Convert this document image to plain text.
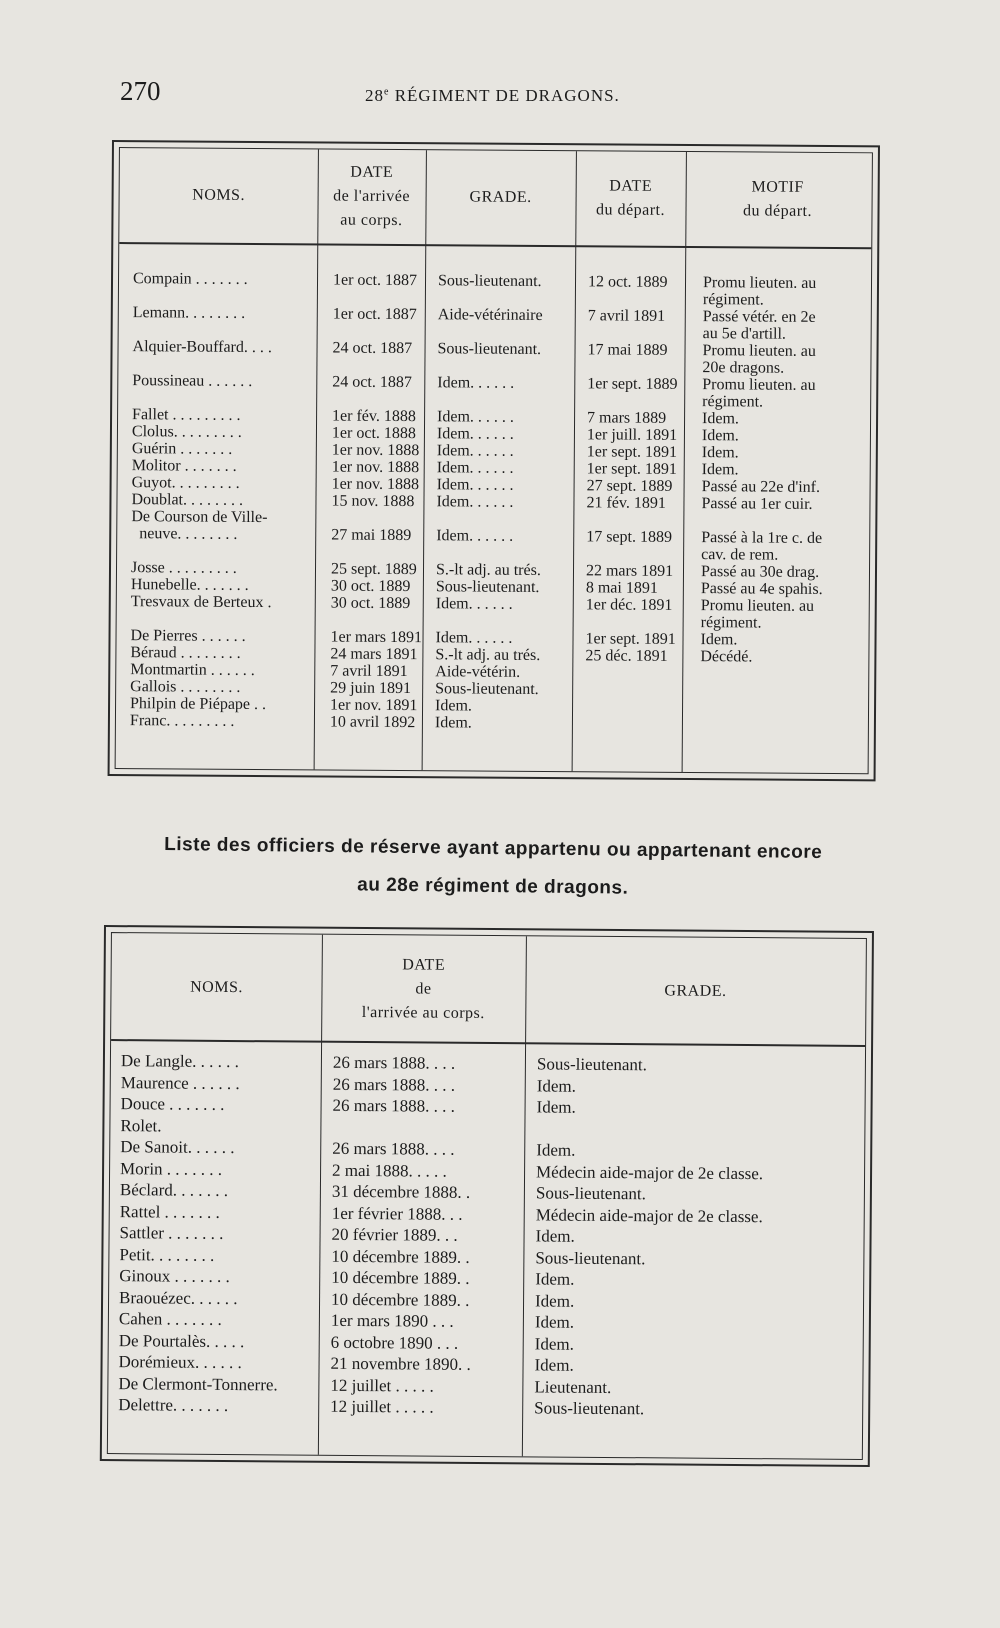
270	28e RÉGIMENT DE DRAGONS.
NOMS.
DATE
de l'arrivée
au corps.
GRADE.
DATE
du départ.
MOTIF
du départ.
Compain . . . . . . .	1er oct. 1887 Sous-lieutenant.	12 oct. 1889 Promu lieuten. au
régiment.
Lemann. . . . . . . .	1er oct. 1887 Aide-vétérinaire	7 avril 1891 Passé vétér. en 2e
au 5e d'artill.
Alquier-Bouffard. . . .	24 oct. 1887 Sous-lieutenant.	17 mai 1889 Promu lieuten. au
20e dragons.
Poussineau . . . . . .	24 oct. 1887 Idem. . . . . .	1er sept. 1889 Promu lieuten. au
régiment.
Fallet . . . . . . . . .	1er fév. 1888 Idem. . . . . .	7 mars 1889 Idem.
Clolus. . . . . . . . .	1er oct. 1888 Idem. . . . . .	1er juill. 1891 Idem.
Guérin . . . . . . .	1er nov. 1888 Idem. . . . . .	1er sept. 1891 Idem.
Molitor . . . . . . .	1er nov. 1888 Idem. . . . . .	1er sept. 1891 Idem.
Guyot. . . . . . . . .	1er nov. 1888 Idem. . . . . .	27 sept. 1889 Passé au 22e d'inf.
Doublat. . . . . . . .	15 nov. 1888 Idem. . . . . .	21 fév. 1891 Passé au 1er cuir.
De Courson de Ville-
neuve. . . . . . . .	27 mai 1889 Idem. . . . . .	17 sept. 1889 Passé à la 1re c. de
cav. de rem.
Josse . . . . . . . . .	25 sept. 1889 S.-lt adj. au trés.	22 mars 1891 Passé au 30e drag.
Hunebelle. . . . . . .	30 oct. 1889 Sous-lieutenant.	8 mai 1891	Passé au 4e spahis.
Tresvaux de Berteux .	30 oct. 1889 Idem. . . . . .	1er déc. 1891 Promu lieuten. au
régiment.
De Pierres . . . . . .	1er mars 1891 Idem. . . . . .	1er sept. 1891 Idem.
Béraud . . . . . . . .	24 mars 1891 S.-lt adj. au trés.	25 déc. 1891 Décédé.
Montmartin . . . . . .	7 avril 1891 Aide-vétérin.
Gallois . . . . . . . .	29 juin 1891 Sous-lieutenant.
Philpin de Piépape . .	1er nov. 1891 Idem.
Franc. . . . . . . . .	10 avril 1892 Idem.
Liste des officiers de réserve ayant appartenu ou appartenant encore
au 28e régiment de dragons.
NOMS.
DATE
de
l'arrivée au corps.
GRADE.
De Langle. . . . . .	26 mars 1888. . . .	Sous-lieutenant.
Maurence . . . . . .	26 mars 1888. . . .	Idem.
Douce . . . . . . .	26 mars 1888. . . .	Idem.
Rolet.
De Sanoit. . . . . .	26 mars 1888. . . .	Idem.
Morin . . . . . . .	2 mai 1888. . . . .	Médecin aide-major de 2e classe.
Béclard. . . . . . .	31 décembre 1888. .	Sous-lieutenant.
Rattel . . . . . . .	1er février 1888. . .	Médecin aide-major de 2e classe.
Sattler . . . . . . .	20 février 1889. . .	Idem.
Petit. . . . . . . .	10 décembre 1889. .	Sous-lieutenant.
Ginoux . . . . . . .	10 décembre 1889. .	Idem.
Braouézec. . . . . .	10 décembre 1889. .	Idem.
Cahen . . . . . . .	1er mars 1890 . . .	Idem.
De Pourtalès. . . . .	6 octobre 1890 . . .	Idem.
Dorémieux. . . . . .	21 novembre 1890. .	Idem.
De Clermont-Tonnerre.	12 juillet . . . . .	Lieutenant.
Delettre. . . . . . .	12 juillet . . . . .	Sous-lieutenant.
